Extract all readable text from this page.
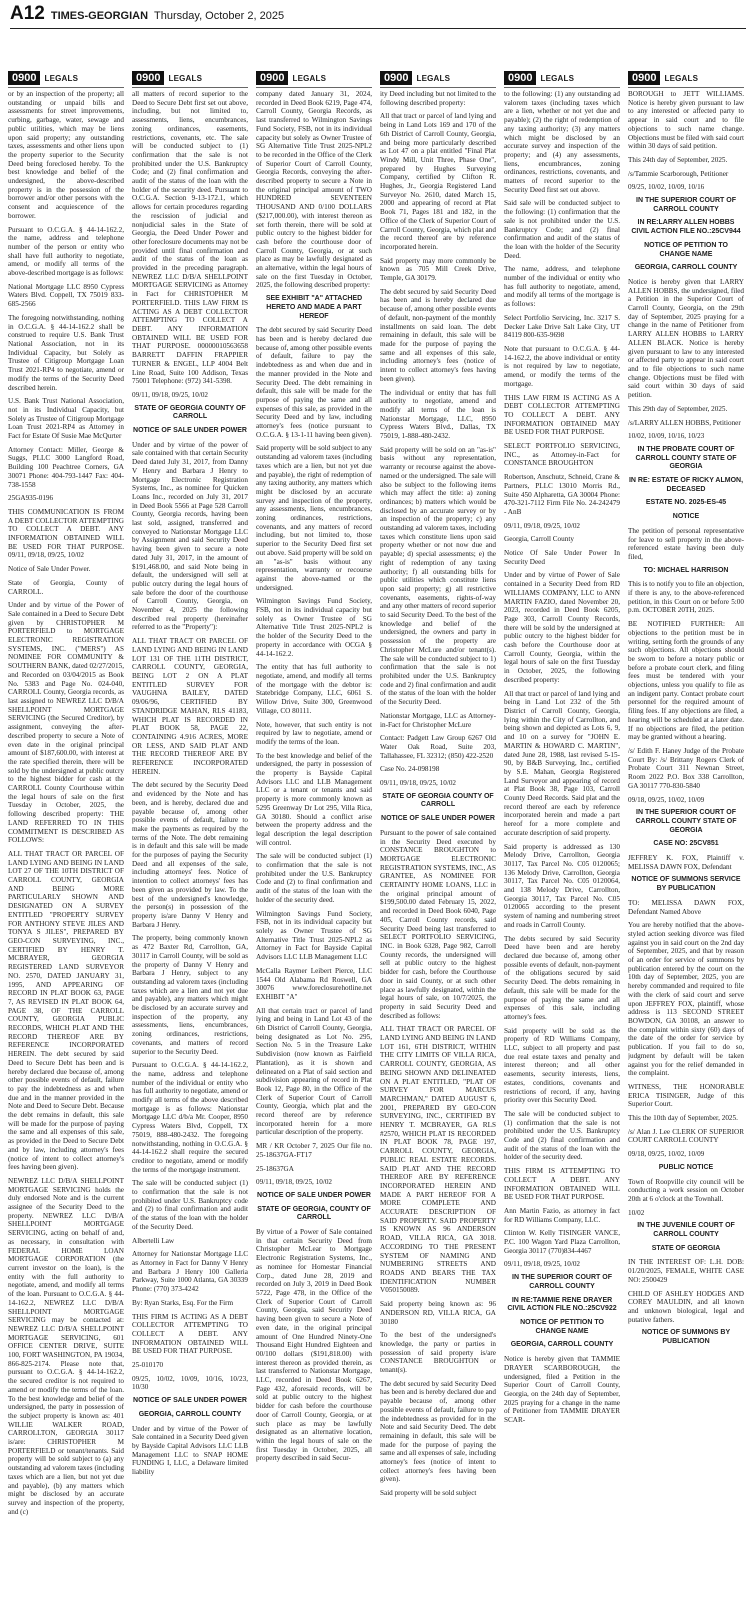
A12 TIMES-GEORGIAN Thursday, October 2, 2025
0900	LEGALS	0900	LEGALS	0900	LEGALS	0900	LEGALS	0900	LEGALS	0900	LEGALS

or by an inspection of the property; all outstanding or unpaid bills and assessments for street improvements, curbing, garbage, water, sewage and public utilities, which may be liens upon said property; any outstanding taxes, assessments and other liens upon the property superior to the Security Deed being foreclosed hereby. To the best knowledge and belief of the undersigned, the above-described property is in the possession of the borrower and/or other persons with the consent and acquiescence of the borrower.

Pursuant to O.C.G.A. § 44-14-162.2, the name, address and telephone number of the person or entity who shall have full authority to negotiate, amend, or modify all terms of the above-described mortgage is as follows:

National Mortgage LLC 8950 Cypress Waters Blvd. Coppell, TX 75019 833-685-2566

The foregoing notwithstanding, nothing in O.C.G.A. § 44-14-162.2 shall be construed to require U.S. Bank Trust National Association, not in its Individual Capacity, but Solely as Trustee of Citigroup Mortgage Loan Trust 2021-RP4 to negotiate, amend or modify the terms of the Security Deed described herein.

U.S. Bank Trust National Association, not in its Individual Capacity, but Solely as Trustee of Citigroup Mortgage Loan Trust 2021-RP4 as Attorney in Fact for Estate Of Susie Mae McQurter

Attorney Contact: Miller, George & Suggs, PLLC 3000 Langford Road, Building 100 Peachtree Corners, GA 30071 Phone: 404-793-1447 Fax: 404-738-1558

25GA935-0196

THIS COMMUNICATION IS FROM A DEBT COLLECTOR ATTEMPTING TO COLLECT A DEBT. ANY INFORMATION OBTAINED WILL BE USED FOR THAT PURPOSE. 09/11, 09/18, 09/25, 10/02

Notice of Sale Under Power.

State of Georgia, County of CARROLL.

Under and by virtue of the Power of Sale contained in a Deed to Secure Debt given by CHRISTOPHER M PORTERFIELD to MORTGAGE ELECTRONIC REGISTRATION SYSTEMS, INC. ("MERS") AS NOMINEE FOR COMMUNITY & SOUTHERN BANK, dated 02/27/2015, and Recorded on 03/04/2015 as Book No. 5383 and Page No. 024-040, CARROLL County, Georgia records, as last assigned to NEWREZ LLC D/B/A SHELLPOINT MORTGAGE SERVICING (the Secured Creditor), by assignment, conveying the after-described property to secure a Note of even date in the original principal amount of $187,600.00, with interest at the rate specified therein, there will be sold by the undersigned at public outcry to the highest bidder for cash at the CARROLL County Courthouse within the legal hours of sale on the first Tuesday in October, 2025, the following described property: THE LAND REFERRED TO IN THIS COMMITMENT IS DESCRIBED AS FOLLOWS:

ALL THAT TRACT OR PARCEL OF LAND LYING AND BEING IN LAND LOT 27 OF THE 10TH DISTRICT OF CARROLL COUNTY, GEORGIA AND BEING MORE PARTICULARLY SHOWN AND DESIGNATED ON A SURVEY ENTITLED "PROPERTY SURVEY FOR ANTHONY STEVE JILES AND TONYA S JILES", PREPARED BY GEO-CON SURVEYING, INC., CERTIFIED BY HENRY T. MCBRAYER, GEORGIA REGISTERED LAND SURVEYOR NO. 2570, DATED JANUARY 31, 1995, AND APPEARING OF RECORD IN PLAT BOOK 63, PAGE 7, AS REVISED IN PLAT BOOK 64, PAGE 38, OF THE CARROLL COUNTY, GEORGIA PUBLIC RECORDS, WHICH PLAT AND THE RECORD THEREOF ARE BY REFERENCE INCORPORATED HEREIN. The debt secured by said Deed to Secure Debt has been and is hereby declared due because of, among other possible events of default, failure to pay the indebtedness as and when due and in the manner provided in the Note and Deed to Secure Debt. Because the debt remains in default, this sale will be made for the purpose of paying the same and all expenses of this sale, as provided in the Deed to Secure Debt and by law, including attorney's fees (notice of intent to collect attorney's fees having been given).

NEWREZ LLC D/B/A SHELLPOINT MORTGAGE SERVICING holds the duly endorsed Note and is the current assignee of the Security Deed to the property. NEWREZ LLC D/B/A SHELLPOINT MORTGAGE SERVICING, acting on behalf of and, as necessary, in consultation with FEDERAL HOME LOAN MORTGAGE CORPORATION (the current investor on the loan), is the entity with the full authority to negotiate, amend, and modify all terms of the loan. Pursuant to O.C.G.A. § 44-14-162.2, NEWREZ LLC D/B/A SHELLPOINT MORTGAGE SERVICING may be contacted at: NEWREZ LLC D/B/A SHELLPOINT MORTGAGE SERVICING, 601 OFFICE CENTER DRIVE, SUITE 100, FORT WASHINGTON, PA 19034, 866-825-2174. Please note that, pursuant to O.C.G.A. § 44-14-162.2, the secured creditor is not required to amend or modify the terms of the loan. To the best knowledge and belief of the undersigned, the party in possession of the subject property is known as: 401 WILLIE WALKER ROAD, CARROLLTON, GEORGIA 30117 is/are: CHRISTOPHER M PORTERFIELD or tenant/tenants. Said property will be sold subject to (a) any outstanding ad valorem taxes (including taxes which are a lien, but not yet due and payable), (b) any matters which might be disclosed by an accurate survey and inspection of the property, and (c)

all matters of record superior to the Deed to Secure Debt first set out above, including, but not limited to, assessments, liens, encumbrances, zoning ordinances, easements, restrictions, covenants, etc. The sale will be conducted subject to (1) confirmation that the sale is not prohibited under the U.S. Bankruptcy Code; and (2) final confirmation and audit of the status of the loan with the holder of the security deed. Pursuant to O.C.G.A. Section 9-13-172.1, which allows for certain procedures regarding the rescission of judicial and nonjudicial sales in the State of Georgia, the Deed Under Power and other foreclosure documents may not be provided until final confirmation and audit of the status of the loan as provided in the preceding paragraph. NEWREZ LLC D/B/A SHELLPOINT MORTGAGE SERVICING as Attorney in Fact for CHRISTOPHER M PORTERFIELD. THIS LAW FIRM IS ACTING AS A DEBT COLLECTOR ATTEMPTING TO COLLECT A DEBT. ANY INFORMATION OBTAINED WILL BE USED FOR THAT PURPOSE. 00000010563658 BARRETT DAFFIN FRAPPIER TURNER & ENGEL, LLP 4004 Belt Line Road, Suite 100 Addison, Texas 75001 Telephone: (972) 341-5398.

09/11, 09/18, 09/25, 10/02

STATE OF GEORGIA COUNTY OF CARROLL

NOTICE OF SALE UNDER POWER

Under and by virtue of the power of sale contained with that certain Security Deed dated July 31, 2017, from Danny V Henry and Barbara J Henry to Mortgage Electronic Registration Systems, Inc., as nominee for Quicken Loans Inc., recorded on July 31, 2017 in Deed Book 5566 at Page 528 Carroll County, Georgia records, having been last sold, assigned, transferred and conveyed to Nationstar Mortgage LLC by Assignment and said Security Deed having been given to secure a note dated July 31, 2017, in the amount of $191,468.00, and said Note being in default, the undersigned will sell at public outcry during the legal hours of sale before the door of the courthouse of Carroll County, Georgia, on November 4, 2025 the following described real property (hereinafter referred to as the "Property"):

ALL THAT TRACT OR PARCEL OF LAND LYING AND BEING IN LAND LOT 131 OF THE 11TH DISTRICT, CARROLL COUNTY, GEORGIA, BEING LOT 2 ON A PLAT ENTITLED SURVEY FOR VAUGHNA BAILEY, DATED 09/06/96, CERTIFIED BY STANDRIDGE MAHAN, RLS 41183, WHICH PLAT IS RECORDED IN PLAT BOOK 58, PAGE 22, CONTAINING 4.916 ACRES, MORE OR LESS, AND SAID PLAT AND THE RECORD THEREOF ARE BY REFERENCE INCORPORATED HEREIN.

The debt secured by the Security Deed and evidenced by the Note and has been, and is hereby, declared due and payable because of, among other possible events of default, failure to make the payments as required by the terms of the Note. The debt remaining is in default and this sale will be made for the purposes of paying the Security Deed and all expenses of the sale, including attorneys' fees. Notice of intention to collect attorneys' fees has been given as provided by law. To the best of the undersigned's knowledge, the person(s) in possession of the property is/are Danny V Henry and Barbara J Henry.

The property, being commonly known as 472 Baxter Rd, Carrollton, GA, 30117 in Carroll County, will be sold as the property of Danny V Henry and Barbara J Henry, subject to any outstanding ad valorem taxes (including taxes which are a lien and not yet due and payable), any matters which might be disclosed by an accurate survey and inspection of the property, any assessments, liens, encumbrances, zoning ordinances, restrictions, covenants, and matters of record superior to the Security Deed.

Pursuant to O.C.G.A. § 44-14-162.2, the name, address and telephone number of the individual or entity who has full authority to negotiate, amend or modify all terms of the above described mortgage is as follows: Nationstar Mortgage LLC d/b/a Mr. Cooper, 8950 Cypress Waters Blvd, Coppell, TX 75019, 888-480-2432. The foregoing notwithstanding, nothing in O.C.G.A. § 44-14-162.2 shall require the secured creditor to negotiate, amend or modify the terms of the mortgage instrument.

The sale will be conducted subject (1) to confirmation that the sale is not prohibited under U.S. Bankruptcy code and (2) to final confirmation and audit of the status of the loan with the holder of the Security Deed.

Albertelli Law

Attorney for Nationstar Mortgage LLC as Attorney in Fact for Danny V Henry and Barbara J Henry 100 Galleria Parkway, Suite 1000 Atlanta, GA 30339 Phone: (770) 373-4242

By: Ryan Starks, Esq. For the Firm

THIS FIRM IS ACTING AS A DEBT COLLECTOR ATTEMPTING TO COLLECT A DEBT. ANY INFORMATION OBTAINED WILL BE USED FOR THAT PURPOSE.

25-010170

09/25, 10/02, 10/09, 10/16, 10/23, 10/30

NOTICE OF SALE UNDER POWER

GEORGIA, CARROLL COUNTY

Under and by virtue of the Power of Sale contained in a Security Deed given by Bayside Capital Advisors LLC LLB Management LLC to SNAP HOME FUNDING I, LLC, a Delaware limited liability

company dated January 31, 2024, recorded in Deed Book 6219, Page 474, Carroll County, Georgia Records, as last transferred to Wilmington Savings Fund Society, FSB, not in its individual capacity but solely as Owner Trustee of SG Alternative Title Trust 2025-NPL2 to be recorded in the Office of the Clerk of Superior Court of Carroll County, Georgia Records, conveying the after-described property to secure a Note in the original principal amount of TWO HUNDRED SEVENTEEN THOUSAND AND 0/100 DOLLARS ($217,000.00), with interest thereon as set forth therein, there will be sold at public outcry to the highest bidder for cash before the courthouse door of Carroll County, Georgia, or at such place as may be lawfully designated as an alternative, within the legal hours of sale on the first Tuesday in October, 2025, the following described property:

SEE EXHIBIT "A" ATTACHED HERETO AND MADE A PART HEREOF

The debt secured by said Security Deed has been and is hereby declared due because of, among other possible events of default, failure to pay the indebtedness as and when due and in the manner provided in the Note and Security Deed. The debt remaining in default, this sale will be made for the purpose of paying the same and all expenses of this sale, as provided in the Security Deed and by law, including attorney's fees (notice pursuant to O.C.G.A. § 13-1-11 having been given).

Said property will be sold subject to any outstanding ad valorem taxes (including taxes which are a lien, but not yet due and payable), the right of redemption of any taxing authority, any matters which might be disclosed by an accurate survey and inspection of the property, any assessments, liens, encumbrances, zoning ordinances, restrictions, covenants, and any matters of record including, but not limited to, those superior to the Security Deed first set out above. Said property will be sold on an "as-is" basis without any representation, warranty or recourse against the above-named or the undersigned.

Wilmington Savings Fund Society, FSB, not in its individual capacity but solely as Owner Trustee of SG Alternative Title Trust 2025-NPL2 is the holder of the Security Deed to the property in accordance with OCGA § 44-14-162.2.

The entity that has full authority to negotiate, amend, and modify all terms of the mortgage with the debtor is: Statebridge Company, LLC, 6061 S. Willow Drive, Suite 300, Greenwood Village, CO 80111.

Note, however, that such entity is not required by law to negotiate, amend or modify the terms of the loan.

To the best knowledge and belief of the undersigned, the party in possession of the property is Bayside Capital Advisors LLC and LLB Management LLC or a tenant or tenants and said property is more commonly known as 5295 Greenway Dr Lot 295, Villa Rica, GA 30180. Should a conflict arise between the property address and the legal description the legal description will control.

The sale will be conducted subject (1) to confirmation that the sale is not prohibited under the U.S. Bankruptcy Code and (2) to final confirmation and audit of the status of the loan with the holder of the security deed.

Wilmington Savings Fund Society, FSB, not in its individual capacity but solely as Owner Trustee of SG Alternative Title Trust 2025-NPL2 as Attorney in Fact for Bayside Capital Advisors LLC LLB Management LLC

McCalla Raymer Leibert Pierce, LLC 1544 Old Alabama Rd Roswell, GA 30076 www.foreclosurehotline.net EXHIBIT "A"

All that certain tract or parcel of land lying and being in Land Lot 43 of the 6th District of Carroll County, Georgia, being designated as Lot No. 295, Section No. 5 in the Treasure Lake Subdivision (now known as Fairfield Plantation), as it is shown and delineated on a Plat of said section and subdivision appearing of record in Plat Book 12, Page 80, in the Office of the Clerk of Superior Court of Carroll County, Georgia, which plat and the record thereof are by reference incorporated herein for a more particular description of the property.

MR / KR October 7, 2025 Our file no. 25-18637GA-FT17

25-18637GA

09/11, 09/18, 09/25, 10/02

NOTICE OF SALE UNDER POWER

STATE OF GEORGIA, COUNTY OF CARROLL

By virtue of a Power of Sale contained in that certain Security Deed from Christopher McLear to Mortgage Electronic Registration Systems, Inc., as nominee for Homestar Financial Corp., dated June 28, 2019 and recorded on July 3, 2019 in Deed Book 5722, Page 478, in the Office of the Clerk of Superior Court of Carroll County, Georgia, said Security Deed having been given to secure a Note of even date, in the original principal amount of One Hundred Ninety-One Thousand Eight Hundred Eighteen and 00/100 dollars ($191,818.00) with interest thereon as provided therein, as last transferred to Nationstar Mortgage, LLC, recorded in Deed Book 6267, Page 432, aforesaid records, will be sold at public outcry to the highest bidder for cash before the courthouse door of Carroll County, Georgia, or at such place as may be lawfully designated as an alternative location, within the legal hours of sale on the first Tuesday in October, 2025, all property described in said Secur-

ity Deed including but not limited to the following described property:

All that tract or parcel of land lying and being in Land Lots 169 and 170 of the 6th District of Carroll County, Georgia, and being more particularly described as Lot 47 on a plat entitled "Final Plat Windy Mill, Unit Three, Phase One", prepared by Hughes Surveying Company, certified by Clifton R. Hughes, Jr., Georgia Registered Land Surveyor No. 2610, dated March 15, 2000 and appearing of record at Plat Book 71, Pages 181 and 182, in the Office of the Clerk of Superior Court of Carroll County, Georgia, which plat and the record thereof are by reference incorporated herein.

Said property may more commonly be known as 705 Mill Creek Drive, Temple, GA 30179.

The debt secured by said Security Deed has been and is hereby declared due because of, among other possible events of default, non-payment of the monthly installments on said loan. The debt remaining in default, this sale will be made for the purpose of paying the same and all expenses of this sale, including attorney's fees (notice of intent to collect attorney's fees having been given).

The individual or entity that has full authority to negotiate, amend and modify all terms of the loan is Nationstar Mortgage, LLC, 8950 Cypress Waters Blvd., Dallas, TX 75019, 1-888-480-2432.

Said property will be sold on an "as-is" basis without any representation, warranty or recourse against the above-named or the undersigned. The sale will also be subject to the following items which may affect the title: a) zoning ordinances; b) matters which would be disclosed by an accurate survey or by an inspection of the property; c) any outstanding ad valorem taxes, including taxes which constitute liens upon said property whether or not now due and payable; d) special assessments; e) the right of redemption of any taxing authority; f) all outstanding bills for public utilities which constitute liens upon said property; g) all restrictive covenants, easements, rights-of-way and any other matters of record superior to said Security Deed. To the best of the knowledge and belief of the undersigned, the owners and party in possession of the property are Christopher McLure and/or tenant(s). The sale will be conducted subject to 1) confirmation that the sale is not prohibited under the U.S. Bankruptcy code and 2) final confirmation and audit of the status of the loan with the holder of the Security Deed.

Nationstar Mortgage, LLC as Attorney-in-Fact for Christopher McLure

Contact: Padgett Law Group 6267 Old Water Oak Road, Suite 203, Tallahassee, FL 32312; (850) 422-2520

Case No. 24-098198

09/11, 09/18, 09/25, 10/02

STATE OF GEORGIA COUNTY OF CARROLL

NOTICE OF SALE UNDER POWER

Pursuant to the power of sale contained in the Security Deed executed by CONSTANCE BROUGHTON to MORTGAGE ELECTRONIC REGISTRATION SYSTEMS, INC., AS GRANTEE, AS NOMINEE FOR CERTAINTY HOME LOANS, LLC in the original principal amount of $199,500.00 dated February 15, 2022, and recorded in Deed Book 6040, Page 405, Carroll County records, said Security Deed being last transferred to SELECT PORTFOLIO SERVICING, INC. in Book 6328, Page 982, Carroll County records, the undersigned will sell at public outcry to the highest bidder for cash, before the Courthouse door in said County, or at such other place as lawfully designated, within the legal hours of sale, on 10/7/2025, the property in said Security Deed and described as follows:

ALL THAT TRACT OR PARCEL OF LAND LYING AND BEING IN LAND LOT 161, 6TH DISTRICT, WITHIN THE CITY LIMITS OF VILLA RICA, CARROLL COUNTY, GEORGIA, AS BEING SHOWN AND DELINEATED ON A PLAT ENTITLED, "PLAT OF SURVEY FOR MARCUS MARCHMAN," DATED AUGUST 6, 2001, PREPARED BY GEO-CON SURVEYING, INC., CERTIFIED BY HENRY T. MCBRAYER, GA RLS #2570, WHICH PLAT IS RECORDED IN PLAT BOOK 78, PAGE 197, CARROLL COUNTY, GEORGIA, PUBLIC REAL ESTATE RECORDS. SAID PLAT AND THE RECORD THEREOF ARE BY REFERENCE INCORPORATED HEREIN AND MADE A PART HEREOF FOR A MORE COMPLETE AND ACCURATE DESCRIPTION OF SAID PROPERTY. SAID PROPERTY IS KNOWN AS 96 ANDERSON ROAD, VILLA RICA, GA 3018. ACCORDING TO THE PRESENT SYSTEM OF NAMING AND NUMBERING STREETS AND ROADS AND BEARS THE TAX IDENTIFICATION NUMBER V050150089.

Said property being known as: 96 ANDERSON RD, VILLA RICA, GA 30180

To the best of the undersigned's knowledge, the party or parties in possession of said property is/are CONSTANCE BROUGHTON or tenant(s).

The debt secured by said Security Deed has been and is hereby declared due and payable because of, among other possible events of default, failure to pay the indebtedness as provided for in the Note and said Security Deed. The debt remaining in default, this sale will be made for the purpose of paying the same and all expenses of sale, including attorney's fees (notice of intent to collect attorney's fees having been given).

Said property will be sold subject

to the following: (1) any outstanding ad valorem taxes (including taxes which are a lien, whether or not yet due and payable); (2) the right of redemption of any taxing authority; (3) any matters which might be disclosed by an accurate survey and inspection of the property; and (4) any assessments, liens, encumbrances, zoning ordinances, restrictions, covenants, and matters of record superior to the Security Deed first set out above.

Said sale will be conducted subject to the following: (1) confirmation that the sale is not prohibited under the U.S. Bankruptcy Code; and (2) final confirmation and audit of the status of the loan with the holder of the Security Deed.

The name, address, and telephone number of the individual or entity who has full authority to negotiate, amend, and modify all terms of the mortgage is as follows:

Select Portfolio Servicing, Inc. 3217 S. Decker Lake Drive Salt Lake City, UT 84119 800-635-9698

Note that pursuant to O.C.G.A. § 44-14-162.2, the above individual or entity is not required by law to negotiate, amend, or modify the terms of the mortgage.

THIS LAW FIRM IS ACTING AS A DEBT COLLECTOR ATTEMPTING TO COLLECT A DEBT. ANY INFORMATION OBTAINED MAY BE USED FOR THAT PURPOSE.

SELECT PORTFOLIO SERVICING, INC., as Attorney-in-Fact for CONSTANCE BROUGHTON

Robertson, Anschutz, Schneid, Crane & Partners, PLLC 13010 Morris Rd., Suite 450 Alpharetta, GA 30004 Phone: 470-321-7112 Firm File No. 24-242479 - AnB

09/11, 09/18, 09/25, 10/02

Georgia, Carroll County

Notice Of Sale Under Power In Security Deed

Under and by virtue of Power of Sale contained in a Security Deed from RD WILLIAMS COMPANY, LLC to ANN MARTIN FAZIO, dated November 20, 2023, recorded in Deed Book 6205, Page 303, Carroll County Records, there will be sold by the undersigned at public outcry to the highest bidder for cash before the Courthouse door at Carroll County, Georgia, within the legal hours of sale on the first Tuesday in October, 2025, the following described property:

All that tract or parcel of land lying and being in Land Lot 232 of the 5th District of Carroll County, Georgia, lying within the City of Carrollton, and being shown and depicted as Lots 6, 9, and 10 on a survey for "JOHN E. MARTIN & HOWARD C. MARTIN", dated June 28, 1988, last revised 5-15-90, by B&B Surveying, Inc., certified by S.E. Mahan, Georgia Registered Land Surveyor and appearing of record at Plat Book 38, Page 103, Carroll County Deed Records. Said plat and the record thereof are each by reference incorporated herein and made a part hereof for a more complete and accurate description of said property.

Said property is addressed as 130 Melody Drive, Carrollton, Georgia 30117, Tax Parcel No. C05 0120065; 136 Melody Drive, Carrollton, Georgia 30117, Tax Parcel No. C05 0120064, and 138 Melody Drive, Carrollton, Georgia 30117, Tax Parcel No. C05 0120065 according to the present system of naming and numbering street and roads in Carroll County.

The debts secured by said Security Deed have been and are hereby declared due because of, among other possible events of default, non-payment of the obligations secured by said Security Deed. The debts remaining in default, this sale will be made for the purpose of paying the same and all expenses of this sale, including attorney's fees.

Said property will be sold as the property of RD Williams Company, LLC, subject to all property and past due real estate taxes and penalty and interest thereon; and all other easements, security interests, liens, estates, conditions, covenants and restrictions of record, if any, having priority over this Security Deed.

The sale will be conducted subject to (1) confirmation that the sale is not prohibited under the U.S. Bankruptcy Code and (2) final confirmation and audit of the status of the loan with the holder of the security deed.

THIS FIRM IS ATTEMPTING TO COLLECT A DEBT. ANY INFORMATION OBTAINED WILL BE USED FOR THAT PURPOSE.

Ann Martin Fazio, as attorney in fact for RD Williams Company, LLC.

Clinton W. Kelly TISINGER VANCE, P.C. 100 Wagon Yard Plaza Carrollton, Georgia 30117 (770)834-4467

09/11, 09/18, 09/25, 10/02

IN THE SUPERIOR COURT OF CARROLL COUNTY

IN RE:TAMMIE RENE DRAYER CIVIL ACTION FILE NO.:25CV922

NOTICE OF PETITION TO CHANGE NAME

GEORGIA, CARROLL COUNTY

Notice is hereby given that TAMMIE DRAYER SCARBOROUGH, the undersigned, filed a Petition in the Superior Court of Carroll County, Georgia, on the 24th day of September, 2025 praying for a change in the name of Petitioner from TAMMIE DRAYER SCAR-

BOROUGH to JETT WILLIAMS. Notice is hereby given pursuant to law to any interested or affected party to appear in said court and to file objections to such name change. Objections must be filed with said court within 30 days of said petition.

This 24th day of September, 2025.

/s/Tammie Scarborough, Petitioner

09/25, 10/02, 10/09, 10/16

IN THE SUPERIOR COURT OF CARROLL COUNTY

IN RE:LARRY ALLEN HOBBS CIVIL ACTION FILE NO.:25CV944

NOTICE OF PETITION TO CHANGE NAME

GEORGIA, CARROLL COUNTY

Notice is hereby given that LARRY ALLEN HOBBS, the undersigned, filed a Petition in the Superior Court of Carroll County, Georgia, on the 29th day of September, 2025 praying for a change in the name of Petitioner from LARRY ALLEN HOBBS to LARRY ALLEN BLACK. Notice is hereby given pursuant to law to any interested or affected party to appear in said court and to file objections to such name change. Objections must be filed with said court within 30 days of said petition.

This 29th day of September, 2025.

/s/LARRY ALLEN HOBBS, Petitioner

10/02, 10/09, 10/16, 10/23

IN THE PROBATE COURT OF CARROLL COUNTY STATE OF GEORGIA

IN RE: ESTATE OF RICKY ALMON, DECEASED

ESTATE NO. 2025-ES-45

NOTICE

The petition of personal representative for leave to sell property in the above-referenced estate having been duly filed,

TO: MICHAEL HARRISON

This is to notify you to file an objection, if there is any, to the above-referenced petition, in this Court on or before 5:00 p.m. OCTOBER 20TH, 2025.

BE NOTIFIED FURTHER: All objections to the petition must be in writing, setting forth the grounds of any such objections. All objections should be sworn to before a notary public or before a probate court clerk, and filing fees must be tendered with your objections, unless you qualify to file as an indigent party. Contact probate court personnel for the required amount of filing fees. If any objections are filed, a hearing will be scheduled at a later date. If no objections are filed, the petition may be granted without a hearing.

/s/ Edith F. Haney Judge of the Probate Court By: /s/ Brittany Rogers Clerk of Probate Court 311 Newnan Street, Room 2022 P.O. Box 338 Carrollton, GA 30117 770-830-5840

09/18, 09/25, 10/02, 10/09

IN THE SUPERIOR COURT OF CARROLL COUNTY STATE OF GEORGIA

CASE NO: 25CV851

JEFFREY K. FOX, Plaintiff v. MELISSA DAWN FOX, Defendant

NOTICE OF SUMMONS SERVICE BY PUBLICATION

TO: MELISSA DAWN FOX, Defendant Named Above

You are hereby notified that the above-styled action seeking divorce was filed against you in said court on the 2nd day of September, 2025, and that by reason of an order for service of summons by publication entered by the court on the 10th day of September, 2025, you are hereby commanded and required to file with the clerk of said court and serve upon JEFFREY FOX, plaintiff, whose address is 113 SECOND STREET BOWDON, GA 30108, an answer to the complaint within sixty (60) days of the date of the order for service by publication. If you fail to do so, judgment by default will be taken against you for the relief demanded in the complaint.

WITNESS, THE HONORABLE ERICA TISINGER, Judge of this Superior Court.

This the 10th day of September, 2025.

/s/ Alan J. Lee CLERK OF SUPERIOR COURT CARROLL COUNTY

09/18, 09/25, 10/02, 10/09

PUBLIC NOTICE

Town of Roopville city council will be conducting a work session on October 20th at 6 o'clock at the Townhall.

10/02

IN THE JUVENILE COURT OF CARROLL COUNTY

STATE OF GEORGIA

IN THE INTEREST OF: L.H. DOB: 01/20/2025, FEMALE, WHITE CASE NO: 2500429

CHILD OF ASHLEY HODGES AND COREY MAULDIN, and all known and unknown biological, legal and putative fathers.

NOTICE OF SUMMONS BY PUBLICATION
